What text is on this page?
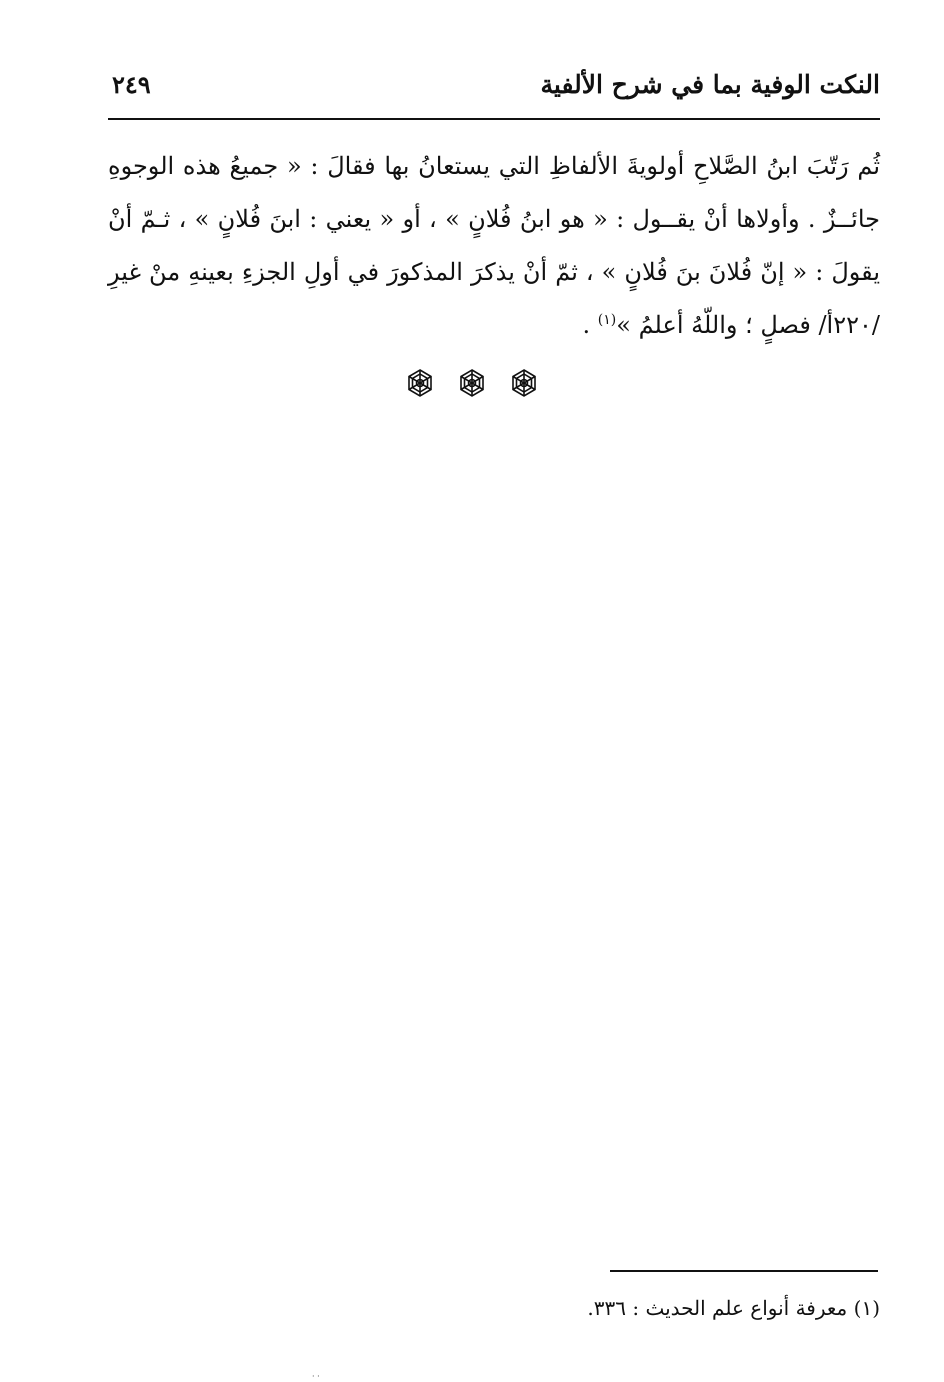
النكت الوفية بما في شرح الألفية
٢٤٩

ثُم رَتّبَ ابنُ الصَّلاحِ أولويةَ الألفاظِ التي يستعانُ بها فقالَ : « جميعُ هذه الوجوهِ جائــزٌ . وأولاها أنْ يقــول : « هو ابنُ فُلانٍ » ، أو « يعني : ابنَ فُلانٍ » ، ثـمّ أنْ يقولَ : « إنّ فُلانَ بنَ فُلانٍ » ، ثمّ أنْ يذكرَ المذكورَ في أولِ الجزءِ بعينهِ منْ غيرِ /٢٢٠أ/ فصلٍ ؛ واللّهُ أعلمُ »$^{(١)}$ .

(١) معرفة أنواع علم الحديث : ٣٣٦.
· ·
